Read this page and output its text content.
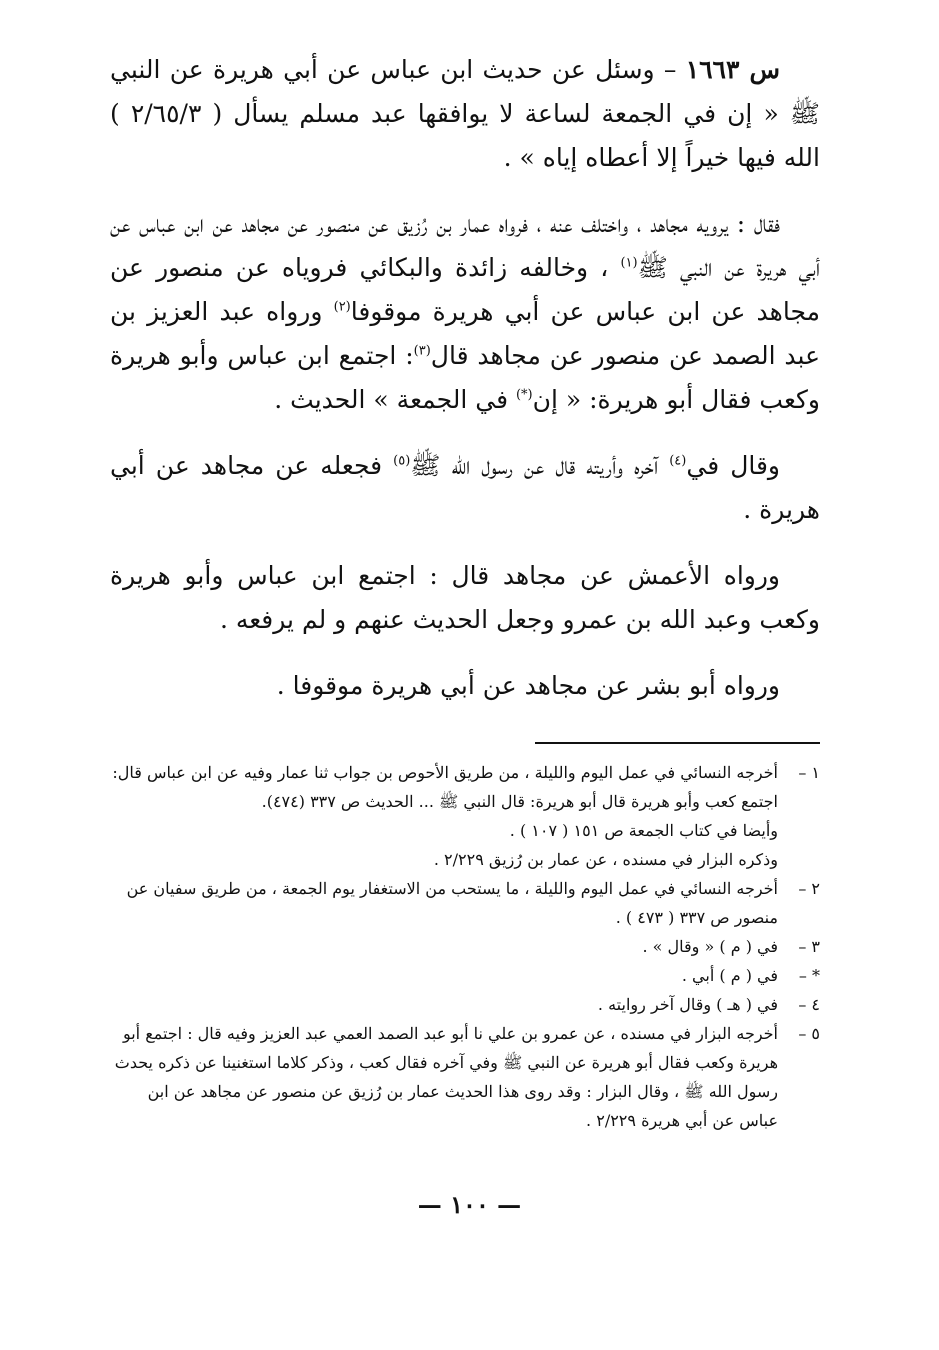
س ١٦٦٣ – وسئل عن حديث ابن عباس عن أبي هريرة عن النبي ﷺ « إن في الجمعة لساعة لا يوافقها عبد مسلم يسأل ( ٢/٦٥/٣ ) الله فيها خيراً إلا أعطاه إياه » .

فقال : يرويه مجاهد ، واختلف عنه ، فرواه عمار بن رُزيق عن منصور عن مجاهد عن ابن عباس عن أبي هريرة عن النبي ﷺ$^{(١)}$ ، وخالفه زائدة والبكائي فروياه عن منصور عن مجاهد عن ابن عباس عن أبي هريرة موقوفا$^{(٢)}$ ورواه عبد العزيز بن عبد الصمد عن منصور عن مجاهد قال$^{(٣)}$: اجتمع ابن عباس وأبو هريرة وكعب فقال أبو هريرة: « إن(*) في الجمعة » الحديث .

وقال في$^{(٤)}$ آخره وأريته قال عن رسول الله ﷺ$^{(٥)}$ فجعله عن مجاهد عن أبي هريرة .

ورواه الأعمش عن مجاهد قال : اجتمع ابن عباس وأبو هريرة وكعب وعبد الله بن عمرو وجعل الحديث عنهم و لم يرفعه .

ورواه أبو بشر عن مجاهد عن أبي هريرة موقوفا .

١ –
أخرجه النسائي في عمل اليوم والليلة ، من طريق الأحوص بن جواب ثنا عمار وفيه عن ابن عباس قال: اجتمع كعب وأبو هريرة قال أبو هريرة: قال النبي ﷺ ... الحديث ص ٣٣٧ (٤٧٤).
وأيضا في كتاب الجمعة ص ١٥١ ( ١٠٧ ) .
وذكره البزار في مسنده ، عن عمار بن رُزيق ٢/٢٢٩ .
٢ –
أخرجه النسائي في عمل اليوم والليلة ، ما يستحب من الاستغفار يوم الجمعة ، من طريق سفيان عن منصور ص ٣٣٧ ( ٤٧٣ ) .
٣ –
في ( م ) « وقال » .
* –
في ( م ) أبي .
٤ –
في ( هـ ) وقال آخر روايته .
٥ –
أخرجه البزار في مسنده ، عن عمرو بن علي نا أبو عبد الصمد العمي عبد العزيز وفيه قال : اجتمع أبو هريرة وكعب فقال أبو هريرة عن النبي ﷺ وفي آخره فقال كعب ، وذكر كلاما استغنينا عن ذكره يحدث رسول الله ﷺ ، وقال البزار : وقد روى هذا الحديث عمار بن رُزيق عن منصور عن مجاهد عن ابن عباس عن أبي هريرة ٢/٢٢٩ .
— ١٠٠ —
